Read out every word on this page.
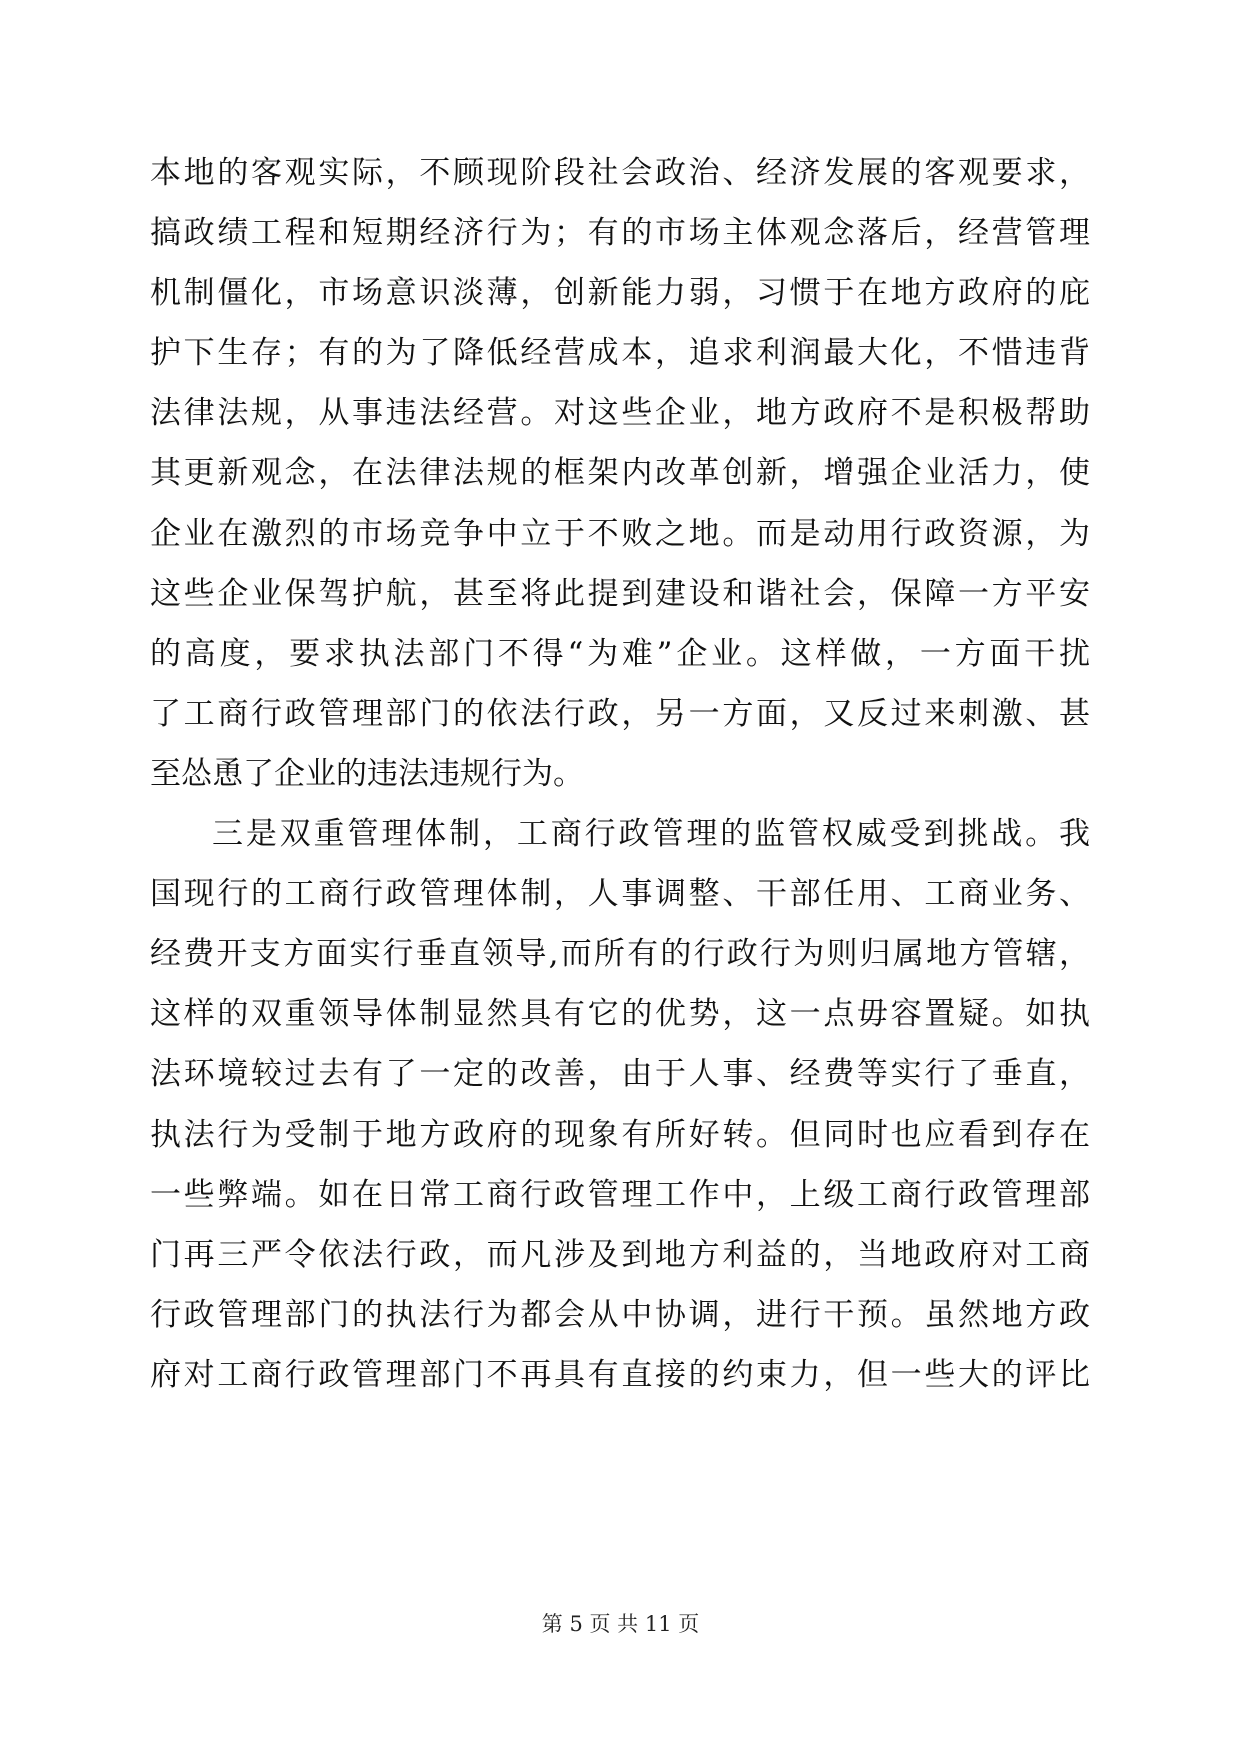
本地的客观实际，不顾现阶段社会政治、经济发展的客观要求，
搞政绩工程和短期经济行为；有的市场主体观念落后，经营管理
机制僵化，市场意识淡薄，创新能力弱，习惯于在地方政府的庇
护下生存；有的为了降低经营成本，追求利润最大化，不惜违背
法律法规，从事违法经营。对这些企业，地方政府不是积极帮助
其更新观念，在法律法规的框架内改革创新，增强企业活力，使
企业在激烈的市场竞争中立于不败之地。而是动用行政资源，为
这些企业保驾护航，甚至将此提到建设和谐社会，保障一方平安
的高度，要求执法部门不得“为难”企业。这样做，一方面干扰
了工商行政管理部门的依法行政，另一方面，又反过来刺激、甚
至怂恿了企业的违法违规行为。
三是双重管理体制，工商行政管理的监管权威受到挑战。我
国现行的工商行政管理体制，人事调整、干部任用、工商业务、
经费开支方面实行垂直领导,而所有的行政行为则归属地方管辖，
这样的双重领导体制显然具有它的优势，这一点毋容置疑。如执
法环境较过去有了一定的改善，由于人事、经费等实行了垂直，
执法行为受制于地方政府的现象有所好转。但同时也应看到存在
一些弊端。如在日常工商行政管理工作中，上级工商行政管理部
门再三严令依法行政，而凡涉及到地方利益的，当地政府对工商
行政管理部门的执法行为都会从中协调，进行干预。虽然地方政
府对工商行政管理部门不再具有直接的约束力，但一些大的评比
第 5 页 共 11 页
